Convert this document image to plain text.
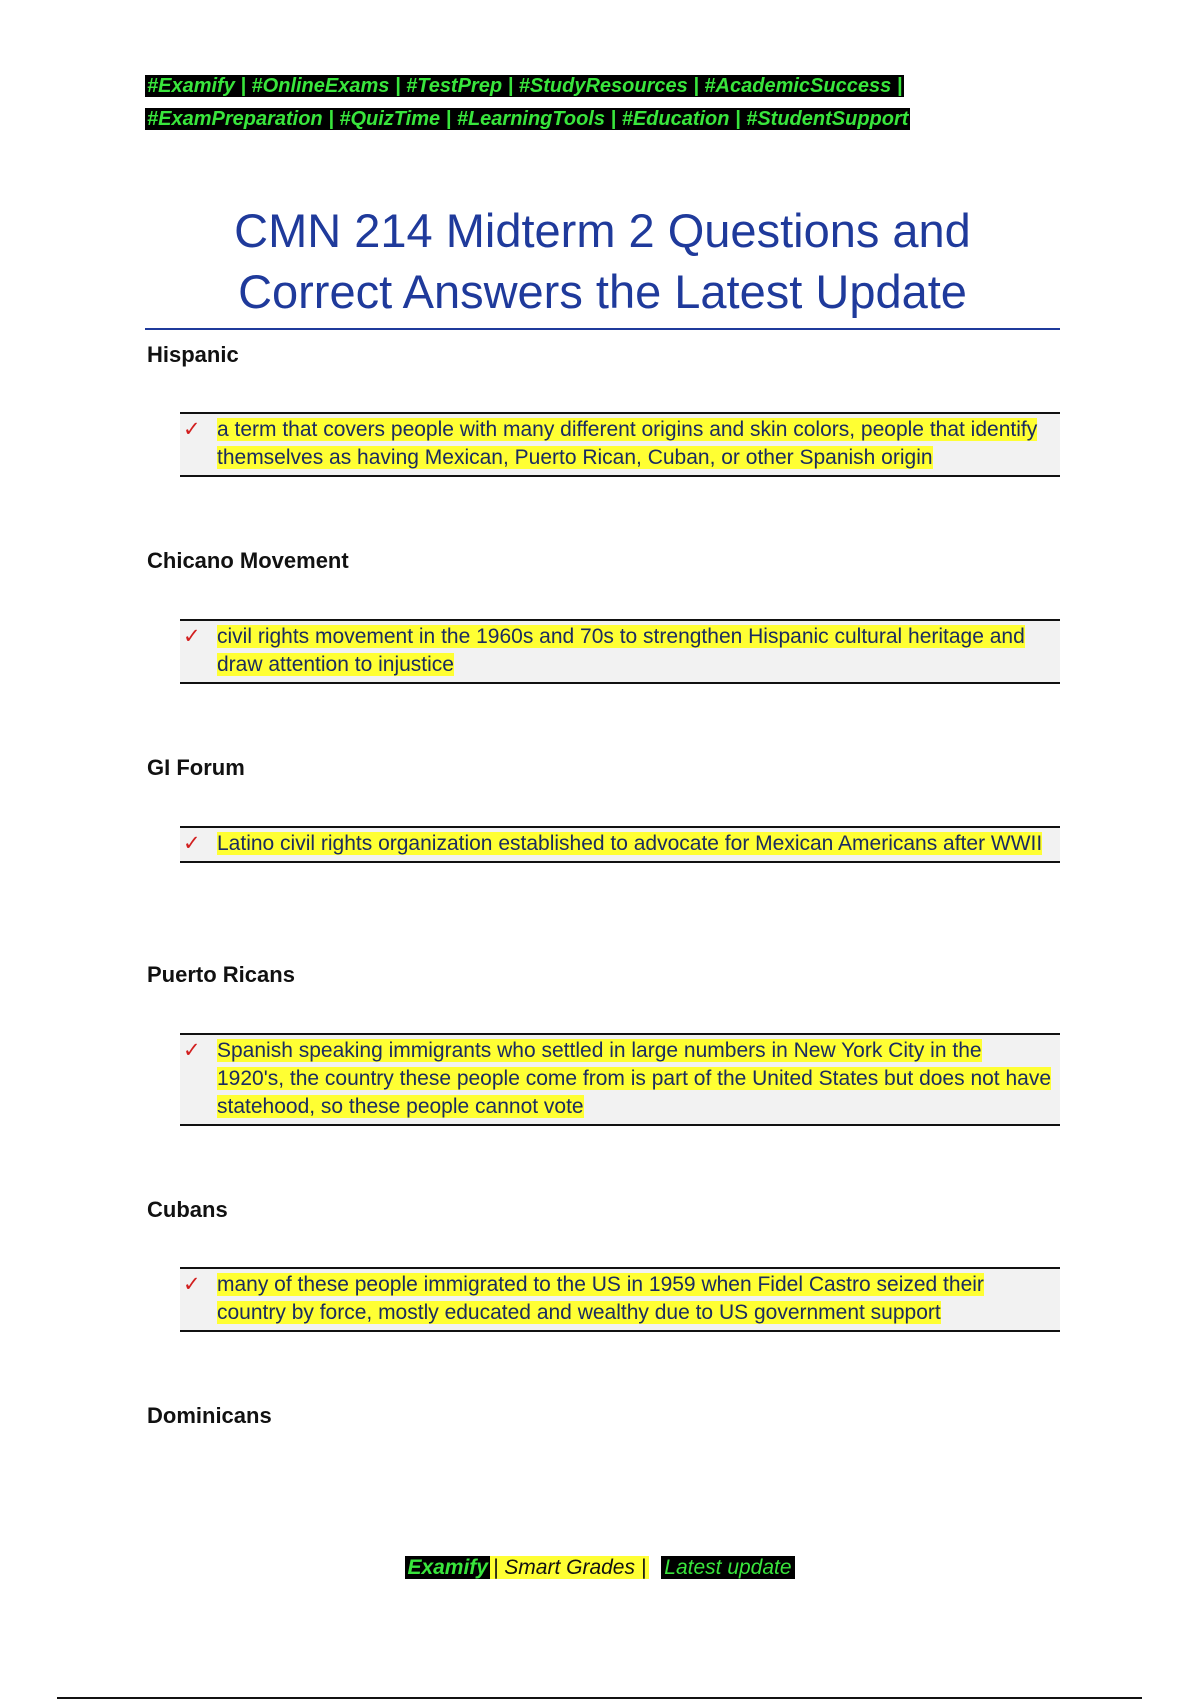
#Examify | #OnlineExams | #TestPrep | #StudyResources | #AcademicSuccess |
#ExamPreparation | #QuizTime | #LearningTools | #Education | #StudentSupport
CMN 214 Midterm 2 Questions and
Correct Answers the Latest Update
Hispanic
✓ a term that covers people with many different origins and skin colors, people that identify themselves as having Mexican, Puerto Rican, Cuban, or other Spanish origin
Chicano Movement
✓ civil rights movement in the 1960s and 70s to strengthen Hispanic cultural heritage and draw attention to injustice
GI Forum
✓ Latino civil rights organization established to advocate for Mexican Americans after WWII
Puerto Ricans
✓ Spanish speaking immigrants who settled in large numbers in New York City in the 1920's, the country these people come from is part of the United States but does not have statehood, so these people cannot vote
Cubans
✓ many of these people immigrated to the US in 1959 when Fidel Castro seized their country by force, mostly educated and wealthy due to US government support
Dominicans
Examify | Smart Grades | Latest update
